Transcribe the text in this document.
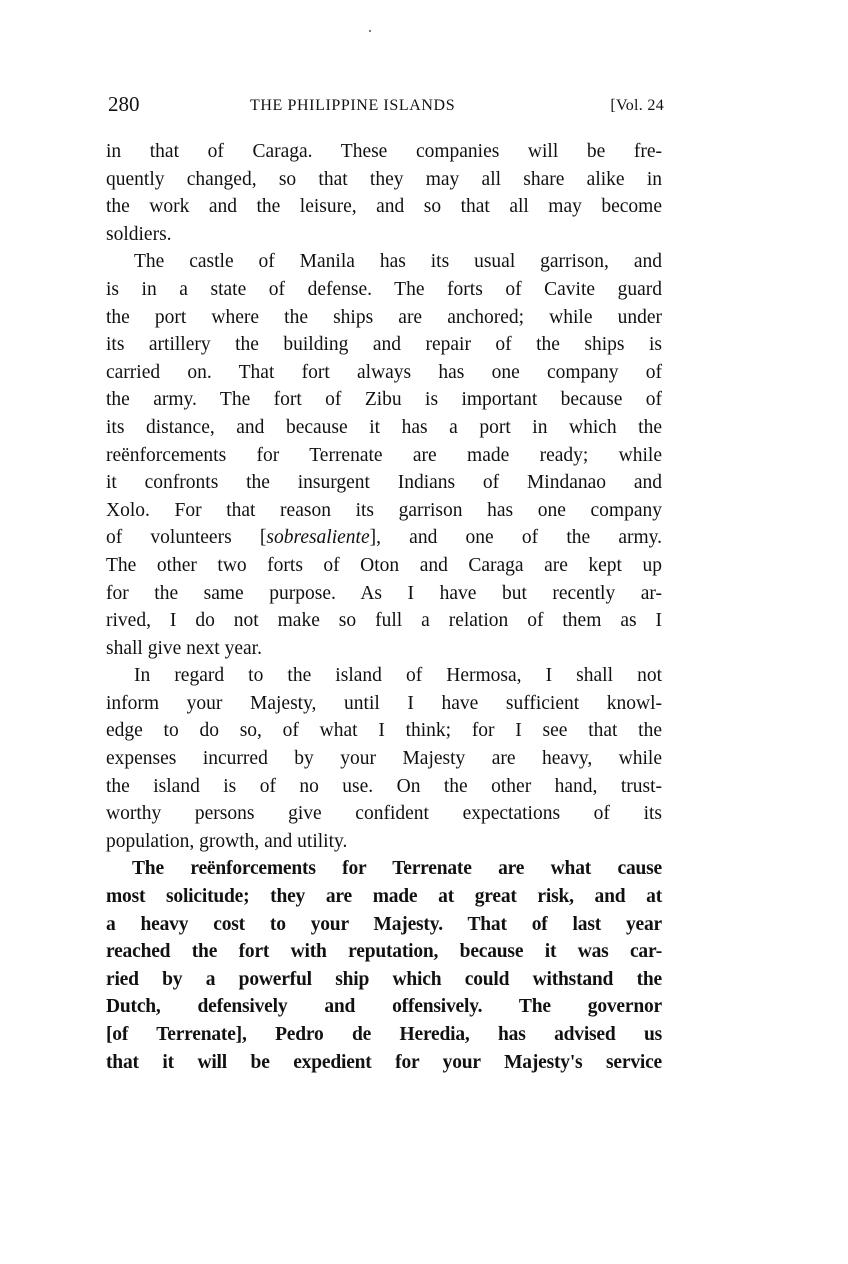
280	THE PHILIPPINE ISLANDS	[Vol. 24
in that of Caraga. These companies will be fre-
quently changed, so that they may all share alike in
the work and the leisure, and so that all may become
soldiers.
The castle of Manila has its usual garrison, and
is in a state of defense. The forts of Cavite guard
the port where the ships are anchored; while under
its artillery the building and repair of the ships is
carried on. That fort always has one company of
the army. The fort of Zibu is important because of
its distance, and because it has a port in which the
reënforcements for Terrenate are made ready; while
it confronts the insurgent Indians of Mindanao and
Xolo. For that reason its garrison has one company
of volunteers [sobresaliente], and one of the army.
The other two forts of Oton and Caraga are kept up
for the same purpose. As I have but recently ar-
rived, I do not make so full a relation of them as I
shall give next year.
In regard to the island of Hermosa, I shall not
inform your Majesty, until I have sufficient knowl-
edge to do so, of what I think; for I see that the
expenses incurred by your Majesty are heavy, while
the island is of no use. On the other hand, trust-
worthy persons give confident expectations of its
population, growth, and utility.
The reënforcements for Terrenate are what cause
most solicitude; they are made at great risk, and at
a heavy cost to your Majesty. That of last year
reached the fort with reputation, because it was car-
ried by a powerful ship which could withstand the
Dutch, defensively and offensively. The governor
[of Terrenate], Pedro de Heredia, has advised us
that it will be expedient for your Majesty's service
